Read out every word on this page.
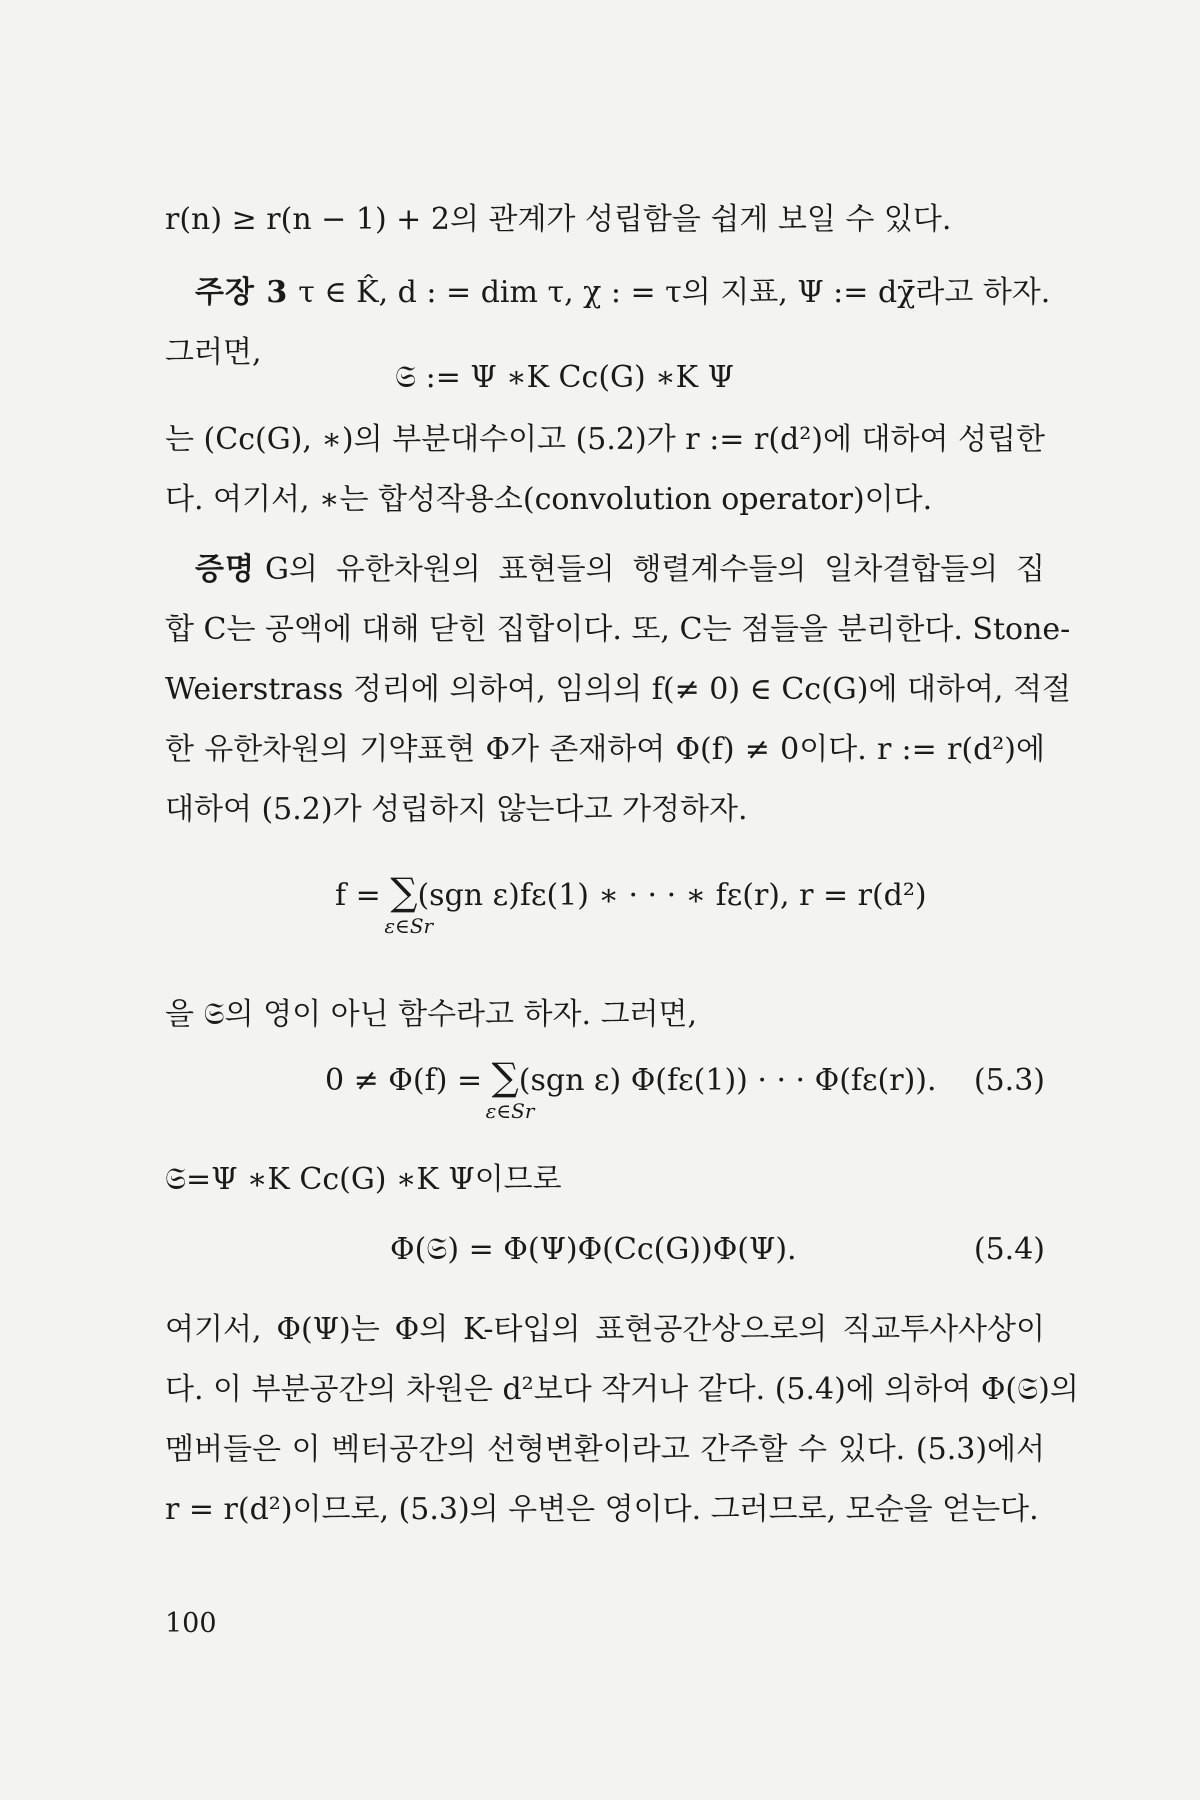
r(n) ≥ r(n − 1) + 2의 관계가 성립함을 쉽게 보일 수 있다.

주장 3 τ ∈ K̂, d : = dim τ, χ : = τ의 지표, Ψ := dχ̄라고 하자.
그러면,

𝔖 := Ψ ∗K Cc(G) ∗K Ψ

는 (Cc(G), ∗)의 부분대수이고 (5.2)가 r := r(d²)에 대하여 성립한
다. 여기서, ∗는 합성작용소(convolution operator)이다.

증명 G의 유한차원의 표현들의 행렬계수들의 일차결합들의 집
합 C는 공액에 대해 닫힌 집합이다. 또, C는 점들을 분리한다. Stone-
Weierstrass 정리에 의하여, 임의의 f(≠ 0) ∈ Cc(G)에 대하여, 적절
한 유한차원의 기약표현 Φ가 존재하여 Φ(f) ≠ 0이다. r := r(d²)에
대하여 (5.2)가 성립하지 않는다고 가정하자.

f = ∑
ε∈Sr
(sgn ε)fε(1) ∗ · · · ∗ fε(r), r = r(d²)

을 𝔖의 영이 아닌 함수라고 하자. 그러면,

0 ≠ Φ(f) = ∑
ε∈Sr
(sgn ε) Φ(fε(1)) · · · Φ(fε(r)). (5.3)

𝔖=Ψ ∗K Cc(G) ∗K Ψ이므로

Φ(𝔖) = Φ(Ψ)Φ(Cc(G))Φ(Ψ).	(5.4)

여기서, Φ(Ψ)는 Φ의 K-타입의 표현공간상으로의 직교투사사상이
다. 이 부분공간의 차원은 d²보다 작거나 같다. (5.4)에 의하여 Φ(𝔖)의
멤버들은 이 벡터공간의 선형변환이라고 간주할 수 있다. (5.3)에서
r = r(d²)이므로, (5.3)의 우변은 영이다. 그러므로, 모순을 얻는다.

100
